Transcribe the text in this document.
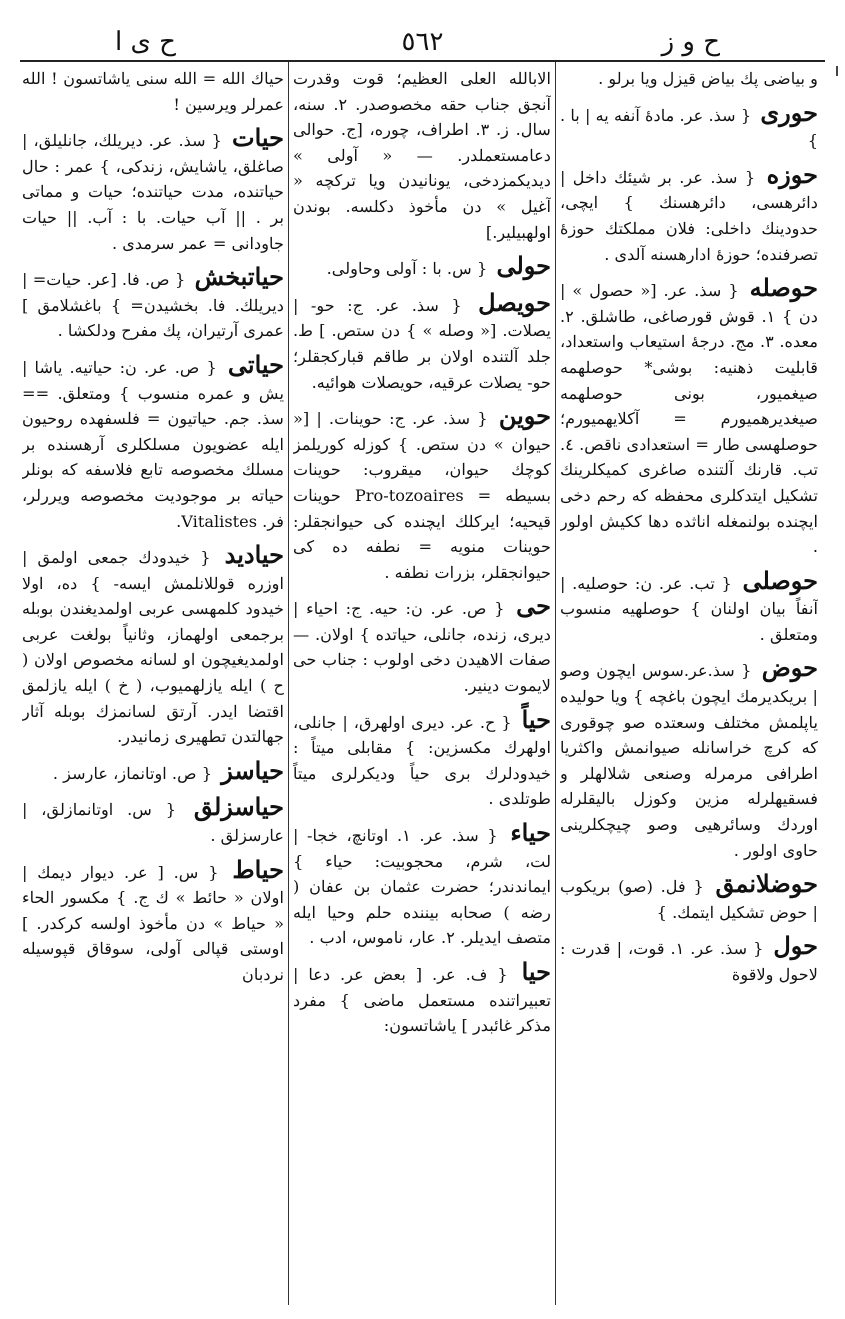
ح ى ا	٥٦٢	ح و ز

و بیاضی پك بیاض قیزل ویا برلو .

حوری { سذ. عر. مادهٔ آنفه یه | با . }

حوزه { سذ. عر. بر شیئك داخل | دائرهسی، دائرهسنك } ایچی، حدودینك داخلی: فلان مملكتك حوزهٔ تصرفنده؛ حوزهٔ ادارهسنه آلدی .

حوصله { سذ. عر. [« حصول » | دن } ١. قوش قورصاغی، طاشلق. ٢. معده. ٣. مج. درجهٔ استیعاب واستعداد، قابلیت ذهنیه: بوشی* حوصلهمه صیغمیور، بونی حوصلهمه صیغدیرهمیورم = آکلایهمیورم؛ حوصلهسی طار = استعدادی ناقص. ٤. تب. قارنك آلتنده صاغری كمیكلرینك تشكیل ایتدكلری محفظه كه رحم دخی ایچنده بولنمغله اناثده دها ككیش اولور .

حوصلی { تب. عر. ن: حوصلیه. | آنفاً بیان اولنان } حوصلهیه منسوب ومتعلق .

حوض { سذ.عر.سوس ایچون وصو | بریكدیرمك ایچون باغچه } ویا حولیده یاپلمش مختلف وسعتده صو چوقوری كه كرچ خراسانله صیوانمش واكثریا اطرافی مرمرله وصنعی شلالهلر و فسقیهلرله مزین وكوزل بالیقلرله اوردك وسائرهیی وصو چیچكلرینی حاوی اولور .

حوضلانمق { فل. (صو) بریكوب | حوض تشكیل ایتمك. }

حول { سذ. عر. ١. قوت، | قدرت : لاحول ولاقوة

الابالله العلی العظیم؛ قوت وقدرت آنجق جناب حقه مخصوصدر. ٢. سنه، سال. ز. ٣. اطراف، چوره، [ج. حوالی دعامستعملدر. — « آولی » دیدیكمزدخی، یونانیدن ویا تركچه « آغیل » دن مأخوذ دكلسه. بوندن اولهبیلیر.]

حولی { س. با : آولی وحاولی.

حویصل { سذ. عر. ج: حو- | یصلات. [« وصله » } دن ستص. ] ط. جلد آلتنده اولان بر طاقم قباركجقلر؛ حو- یصلات عرقیه، حویصلات هوائیه.

حوین { سذ. عر. ج: حوینات. | [« حیوان » دن ستص. } كوزله كوریلمز كوچك حیوان، میقروب: حوینات بسیطه = Pro-tozoaires حوینات قیحیه؛ ایركلك ایچنده كی حیوانجقلر: حوینات منویه = نطفه ده كی حیوانجقلر، بزرات نطفه .

حی { ص. عر. ن: حیه. ج: احیاء | دیری، زنده، جانلی، حیاتده } اولان. — صفات الاهیدن دخی اولوب : جناب حی لایموت دینیر.

حیاً { ح. عر. دیری اولهرق، | جانلی، اولهرك مكسزین: } مقابلی میتاً : خیدودلرك بری حیاً ودیكرلری میتاً طوتلدی .

حیاء { سذ. عر. ١. اوتانچ، خجا- | لت، شرم، محجوبیت: حیاء } ایماندندر؛ حضرت عثمان بن عفان ( رضه ) صحابه بیننده حلم وحیا ایله متصف ایدیلر. ٢. عار، ناموس، ادب .

حیا { ف. عر. [ بعض عر. دعا | تعبیراتنده مستعمل ماضی } مفرد مذكر غائبدر ] یاشاتسون:

حیاك الله = الله سنی یاشاتسون ! الله عمرلر ویرسین !

حیات { سذ. عر. دیریلك، جانلیلق، | صاغلق، یاشایش، زندكی، } عمر : حال حیاتنده، مدت حیاتنده؛ حیات و مماتی بر . || آب حیات. با : آب. || حیات جاودانی = عمر سرمدی .

حیاتبخش { ص. فا. [عر. حیات= | دیریلك. فا. بخشیدن= } باغشلامق ] عمری آرتیران، پك مفرح ودلكشا .

حیاتی { ص. عر. ن: حیاتیه. یاشا | یش و عمره منسوب } ومتعلق. == سذ. جم. حیاتیون = فلسفهده روحیون ایله عضویون مسلكلری آرهسنده بر مسلك مخصوصه تابع فلاسفه كه بونلر حیاته بر موجودیت مخصوصه ویررلر، فر. Vitalistes.

حیادید { خیدودك جمعی اولمق | اوزره قوللانلمش ایسه- } ده، اولا خیدود كلمهسی عربی اولمدیغندن بوبله برجمعی اولهماز، وثانیاً بولغت عربی اولمدیغیچون او لسانه مخصوص اولان ( ح ) ایله یازلهمیوب، ( خ ) ایله یازلمق اقتضا ایدر. آرتق لسانمزك بوبله آثار جهالتدن تطهیری زمانیدر.

حیاسز { ص. اوتانماز، عارسز .

حیاسزلق { س. اوتانمازلق، | عارسزلق .

حیاط { س. [ عر. دیوار دیمك | اولان « حائط » ك ج. } مكسور الحاء « حیاط » دن مأخوذ اولسه كركدر. ] اوستی قپالی آولی، سوقاق قپوسیله نردبان
